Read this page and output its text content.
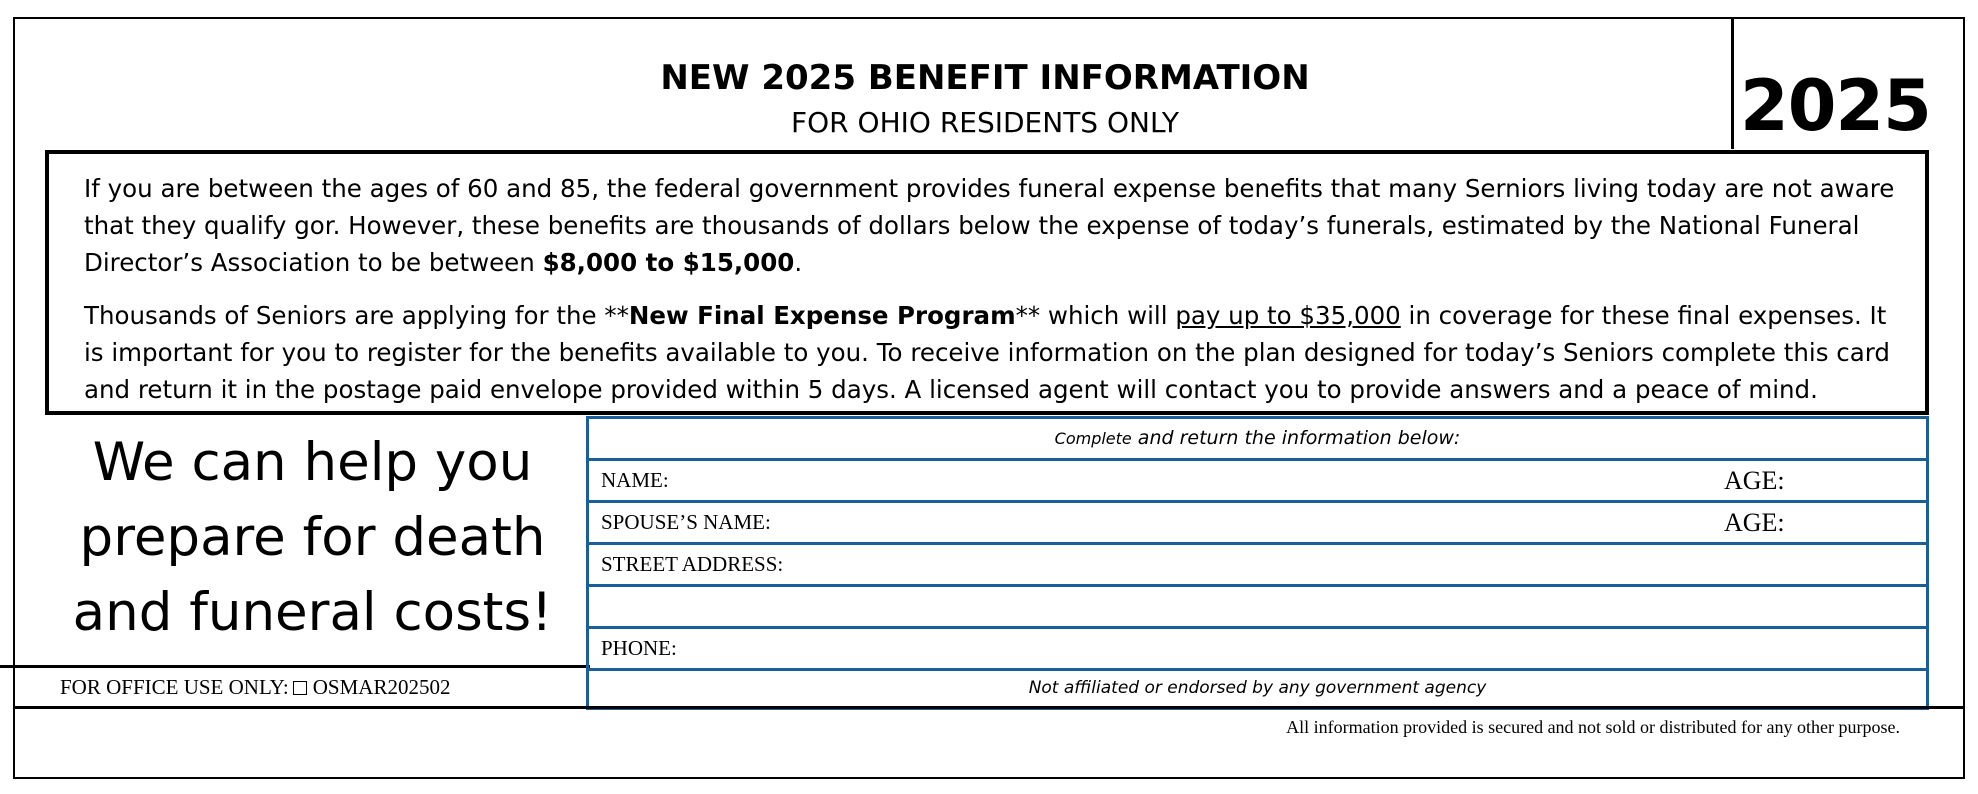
2025
NEW 2025 BENEFIT INFORMATION
FOR OHIO RESIDENTS ONLY

If you are between the ages of 60 and 85, the federal government provides funeral expense benefits that many Serniors living today are not aware that they qualify gor. However, these benefits are thousands of dollars below the expense of today’s funerals, estimated by the National Funeral Director’s Association to be between $8,000 to $15,000.

Thousands of Seniors are applying for the **New Final Expense Program** which will pay up to $35,000 in coverage for these final expenses. It is important for you to register for the benefits available to you. To receive information on the plan designed for today’s Seniors complete this card and return it in the postage paid envelope provided within 5 days. A licensed agent will contact you to provide answers and a peace of mind.

We can help you
prepare for death
and funeral costs!
FOR OFFICE USE ONLY: OSMAR202502
Complete and return the information below:
NAME:	AGE:
SPOUSE’S NAME:	AGE:
STREET ADDRESS:
PHONE:
Not affiliated or endorsed by any government agency
All information provided is secured and not sold or distributed for any other purpose.
